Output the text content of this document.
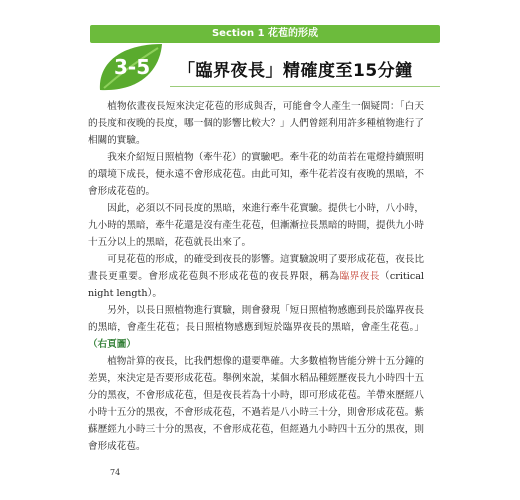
Section 1 花苞的形成
3-5 「臨界夜長」精確度至15分鐘

植物依晝夜長短來決定花苞的形成與否，可能會令人產生一個疑問：「白天的長度和夜晚的長度，哪一個的影響比較大？」人們曾經利用許多種植物進行了相關的實驗。

我來介紹短日照植物（牽牛花）的實驗吧。牽牛花的幼苗若在電燈持續照明的環境下成長，便永遠不會形成花苞。由此可知，牽牛花若沒有夜晚的黑暗，不會形成花苞的。

因此，必須以不同長度的黑暗，來進行牽牛花實驗。提供七小時，八小時，九小時的黑暗，牽牛花還是沒有產生花苞，但漸漸拉長黑暗的時間，提供九小時十五分以上的黑暗，花苞就長出來了。

可見花苞的形成，的確受到夜長的影響。這實驗說明了要形成花苞，夜長比晝長更重要。會形成花苞與不形成花苞的夜長界限，稱為臨界夜長（critical night length）。

另外，以長日照植物進行實驗，則會發現「短日照植物感應到長於臨界夜長的黑暗，會產生花苞；長日照植物感應到短於臨界夜長的黑暗，會產生花苞。」（右頁圖）

植物計算的夜長，比我們想像的還要準確。大多數植物皆能分辨十五分鐘的差異，來決定是否要形成花苞。舉例來說，某個水稻品種經歷夜長九小時四十五分的黑夜，不會形成花苞，但是夜長若為十小時，即可形成花苞。羊帶來歷經八小時十五分的黑夜，不會形成花苞，不過若是八小時三十分，則會形成花苞。紫蘇歷經九小時三十分的黑夜，不會形成花苞，但經過九小時四十五分的黑夜，則會形成花苞。

74
